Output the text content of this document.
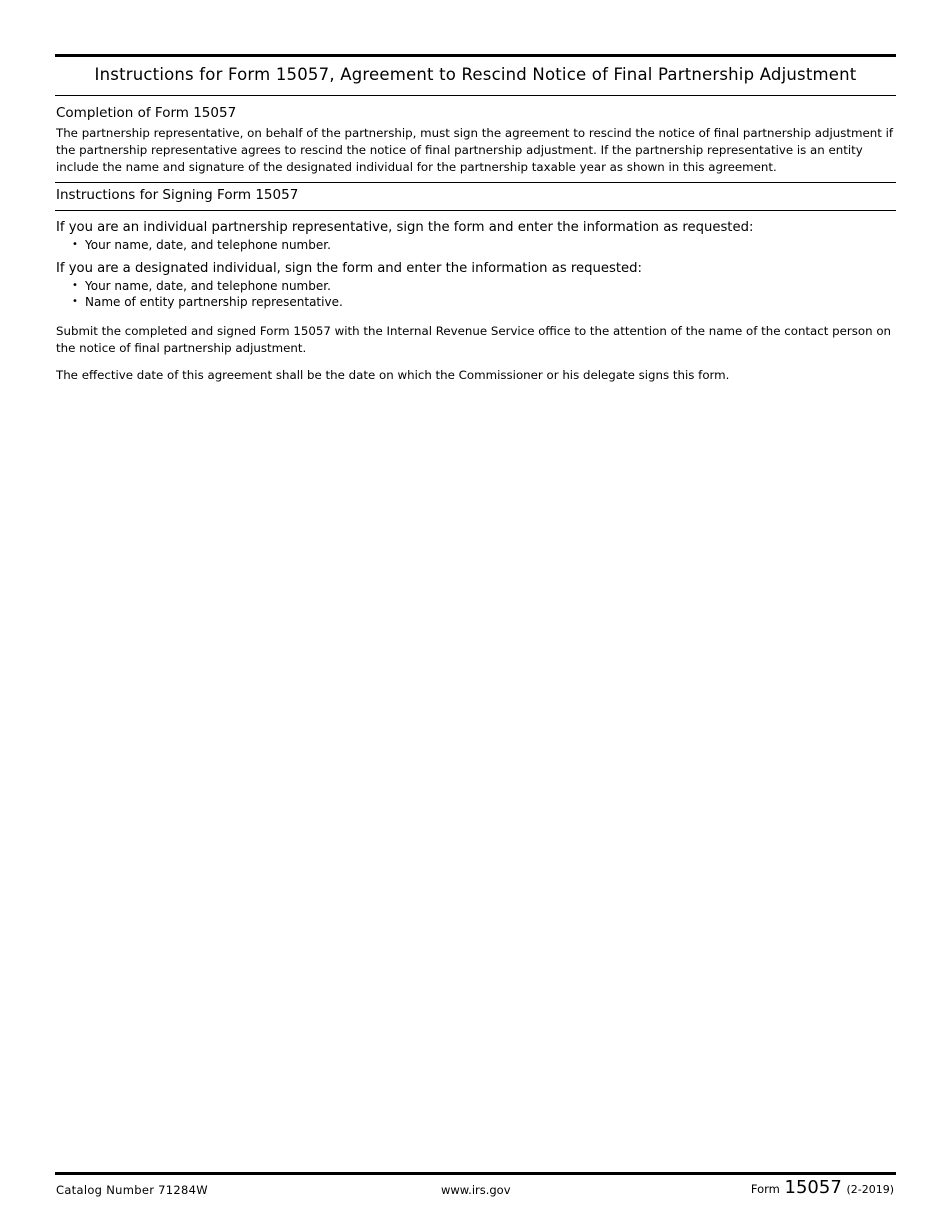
Instructions for Form 15057, Agreement to Rescind Notice of Final Partnership Adjustment
Completion of Form 15057

The partnership representative, on behalf of the partnership, must sign the agreement to rescind the notice of final partnership adjustment if the partnership representative agrees to rescind the notice of final partnership adjustment. If the partnership representative is an entity include the name and signature of the designated individual for the partnership taxable year as shown in this agreement.

Instructions for Signing Form 15057

If you are an individual partnership representative, sign the form and enter the information as requested:

• Your name, date, and telephone number.

If you are a designated individual, sign the form and enter the information as requested:

• Your name, date, and telephone number.
• Name of entity partnership representative.

Submit the completed and signed Form 15057 with the Internal Revenue Service office to the attention of the name of the contact person on the notice of final partnership adjustment.

The effective date of this agreement shall be the date on which the Commissioner or his delegate signs this form.

Catalog Number 71284W	www.irs.gov	Form 15057 (2-2019)
